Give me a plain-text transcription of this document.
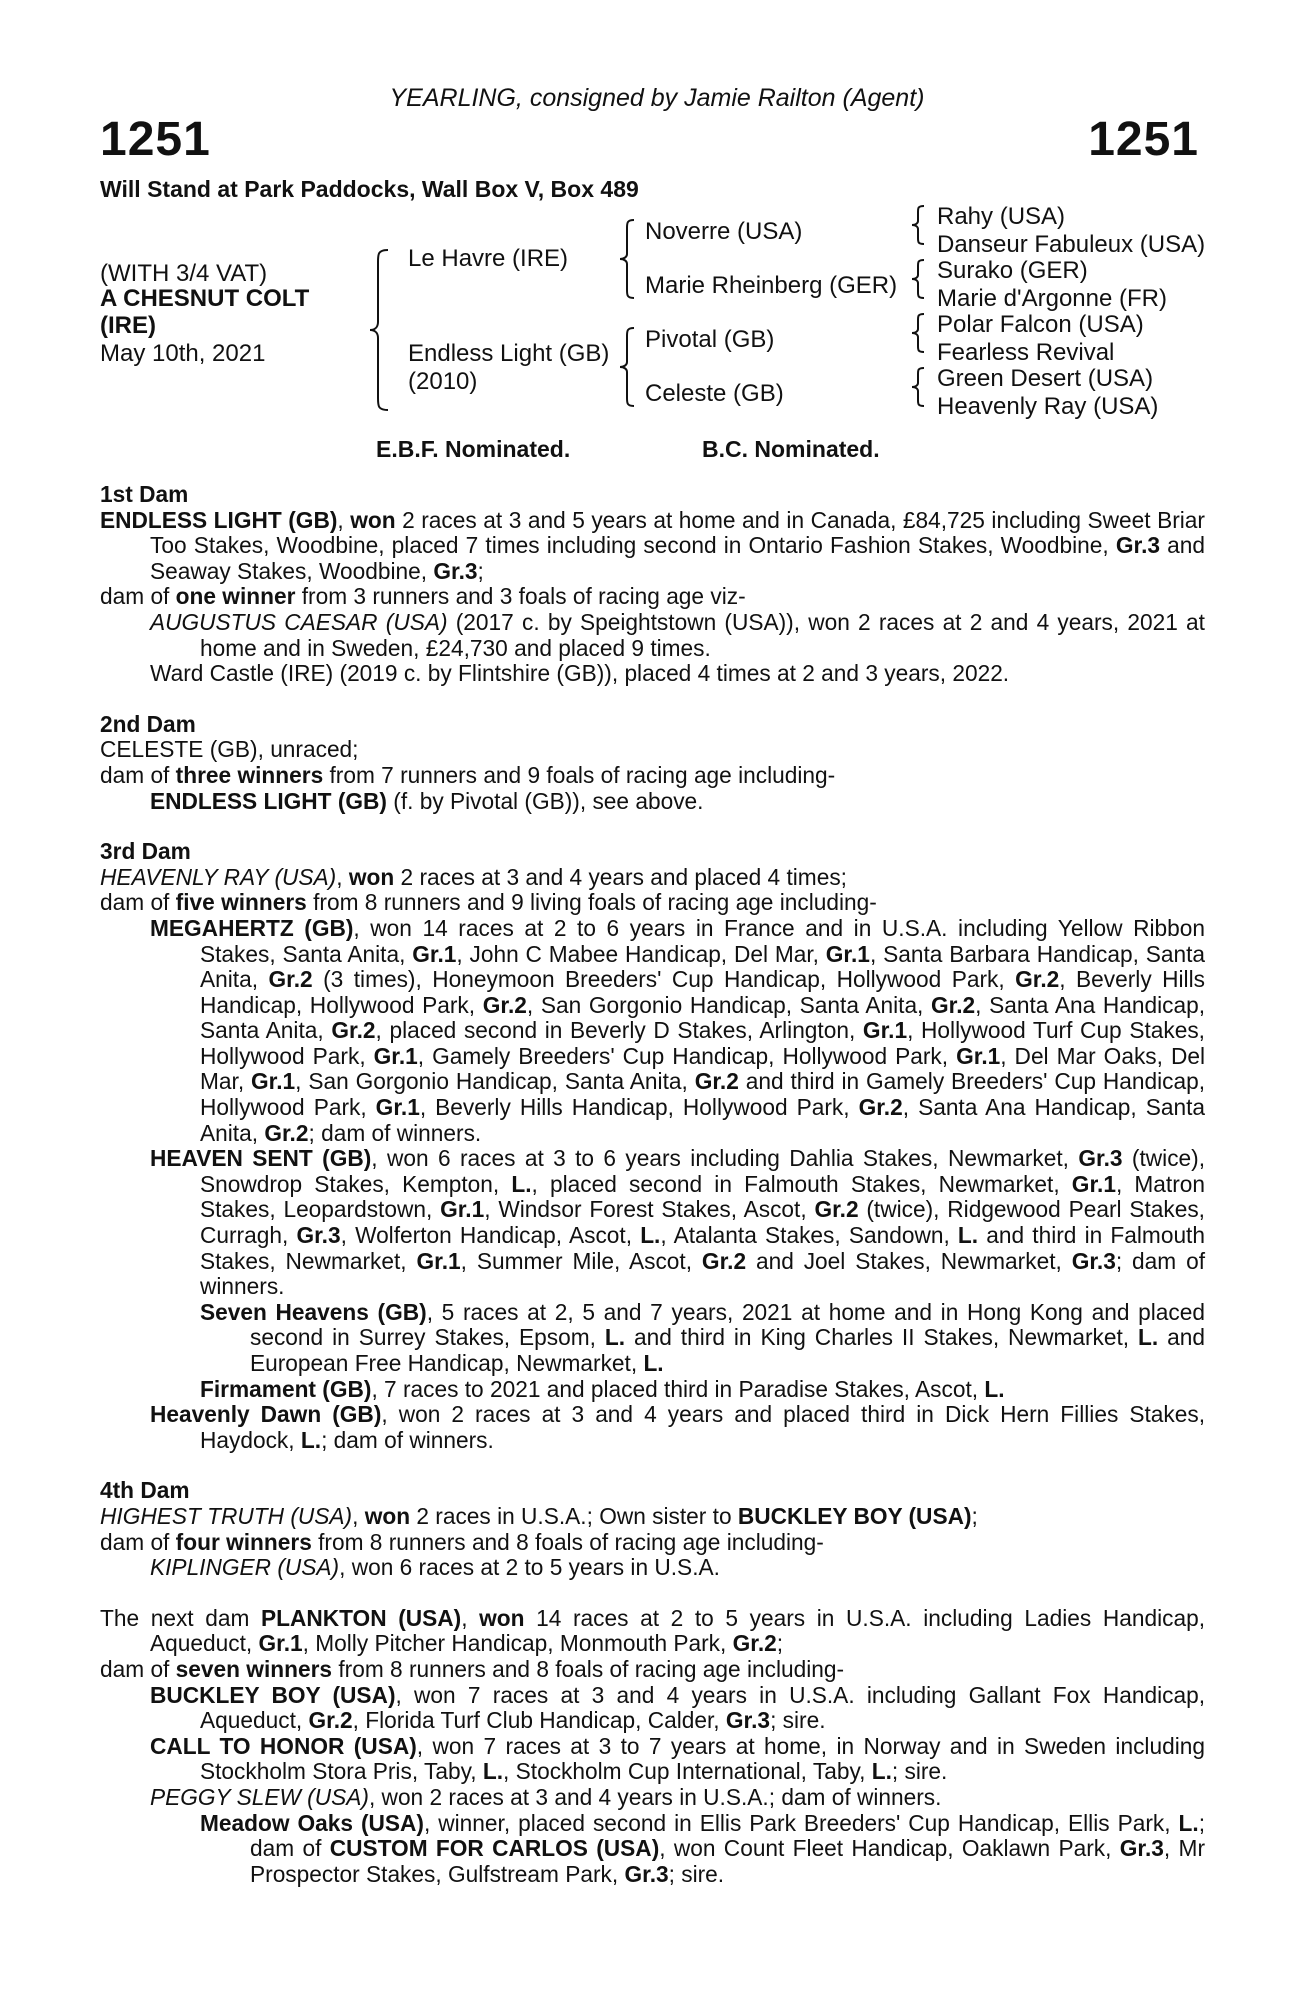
YEARLING, consigned by Jamie Railton (Agent)
1251	1251
Will Stand at Park Paddocks, Wall Box V, Box 489
(WITH 3/4 VAT)
A CHESNUT COLT
(IRE)
May 10th, 2021
Le Havre (IRE)
Endless Light (GB)
(2010)
Noverre (USA)
Marie Rheinberg (GER)
Pivotal (GB)
Celeste (GB)
Rahy (USA)
Danseur Fabuleux (USA)
Surako (GER)
Marie d'Argonne (FR)
Polar Falcon (USA)
Fearless Revival
Green Desert (USA)
Heavenly Ray (USA)
E.B.F. Nominated.	B.C. Nominated.
1st Dam
ENDLESS LIGHT (GB), won 2 races at 3 and 5 years at home and in Canada, £84,725 including Sweet Briar Too Stakes, Woodbine, placed 7 times including second in Ontario Fashion Stakes, Woodbine, Gr.3 and Seaway Stakes, Woodbine, Gr.3;
dam of one winner from 3 runners and 3 foals of racing age viz-
AUGUSTUS CAESAR (USA) (2017 c. by Speightstown (USA)), won 2 races at 2 and 4 years, 2021 at home and in Sweden, £24,730 and placed 9 times.
Ward Castle (IRE) (2019 c. by Flintshire (GB)), placed 4 times at 2 and 3 years, 2022.
2nd Dam
CELESTE (GB), unraced;
dam of three winners from 7 runners and 9 foals of racing age including-
ENDLESS LIGHT (GB) (f. by Pivotal (GB)), see above.
3rd Dam
HEAVENLY RAY (USA), won 2 races at 3 and 4 years and placed 4 times;
dam of five winners from 8 runners and 9 living foals of racing age including-
MEGAHERTZ (GB), won 14 races at 2 to 6 years in France and in U.S.A. including Yellow Ribbon Stakes, Santa Anita, Gr.1, John C Mabee Handicap, Del Mar, Gr.1, Santa Barbara Handicap, Santa Anita, Gr.2 (3 times), Honeymoon Breeders' Cup Handicap, Hollywood Park, Gr.2, Beverly Hills Handicap, Hollywood Park, Gr.2, San Gorgonio Handicap, Santa Anita, Gr.2, Santa Ana Handicap, Santa Anita, Gr.2, placed second in Beverly D Stakes, Arlington, Gr.1, Hollywood Turf Cup Stakes, Hollywood Park, Gr.1, Gamely Breeders' Cup Handicap, Hollywood Park, Gr.1, Del Mar Oaks, Del Mar, Gr.1, San Gorgonio Handicap, Santa Anita, Gr.2 and third in Gamely Breeders' Cup Handicap, Hollywood Park, Gr.1, Beverly Hills Handicap, Hollywood Park, Gr.2, Santa Ana Handicap, Santa Anita, Gr.2; dam of winners.
HEAVEN SENT (GB), won 6 races at 3 to 6 years including Dahlia Stakes, Newmarket, Gr.3 (twice), Snowdrop Stakes, Kempton, L., placed second in Falmouth Stakes, Newmarket, Gr.1, Matron Stakes, Leopardstown, Gr.1, Windsor Forest Stakes, Ascot, Gr.2 (twice), Ridgewood Pearl Stakes, Curragh, Gr.3, Wolferton Handicap, Ascot, L., Atalanta Stakes, Sandown, L. and third in Falmouth Stakes, Newmarket, Gr.1, Summer Mile, Ascot, Gr.2 and Joel Stakes, Newmarket, Gr.3; dam of winners.
Seven Heavens (GB), 5 races at 2, 5 and 7 years, 2021 at home and in Hong Kong and placed second in Surrey Stakes, Epsom, L. and third in King Charles II Stakes, Newmarket, L. and European Free Handicap, Newmarket, L.
Firmament (GB), 7 races to 2021 and placed third in Paradise Stakes, Ascot, L.
Heavenly Dawn (GB), won 2 races at 3 and 4 years and placed third in Dick Hern Fillies Stakes, Haydock, L.; dam of winners.
4th Dam
HIGHEST TRUTH (USA), won 2 races in U.S.A.; Own sister to BUCKLEY BOY (USA);
dam of four winners from 8 runners and 8 foals of racing age including-
KIPLINGER (USA), won 6 races at 2 to 5 years in U.S.A.
The next dam PLANKTON (USA), won 14 races at 2 to 5 years in U.S.A. including Ladies Handicap, Aqueduct, Gr.1, Molly Pitcher Handicap, Monmouth Park, Gr.2;
dam of seven winners from 8 runners and 8 foals of racing age including-
BUCKLEY BOY (USA), won 7 races at 3 and 4 years in U.S.A. including Gallant Fox Handicap, Aqueduct, Gr.2, Florida Turf Club Handicap, Calder, Gr.3; sire.
CALL TO HONOR (USA), won 7 races at 3 to 7 years at home, in Norway and in Sweden including Stockholm Stora Pris, Taby, L., Stockholm Cup International, Taby, L.; sire.
PEGGY SLEW (USA), won 2 races at 3 and 4 years in U.S.A.; dam of winners.
Meadow Oaks (USA), winner, placed second in Ellis Park Breeders' Cup Handicap, Ellis Park, L.; dam of CUSTOM FOR CARLOS (USA), won Count Fleet Handicap, Oaklawn Park, Gr.3, Mr Prospector Stakes, Gulfstream Park, Gr.3; sire.
